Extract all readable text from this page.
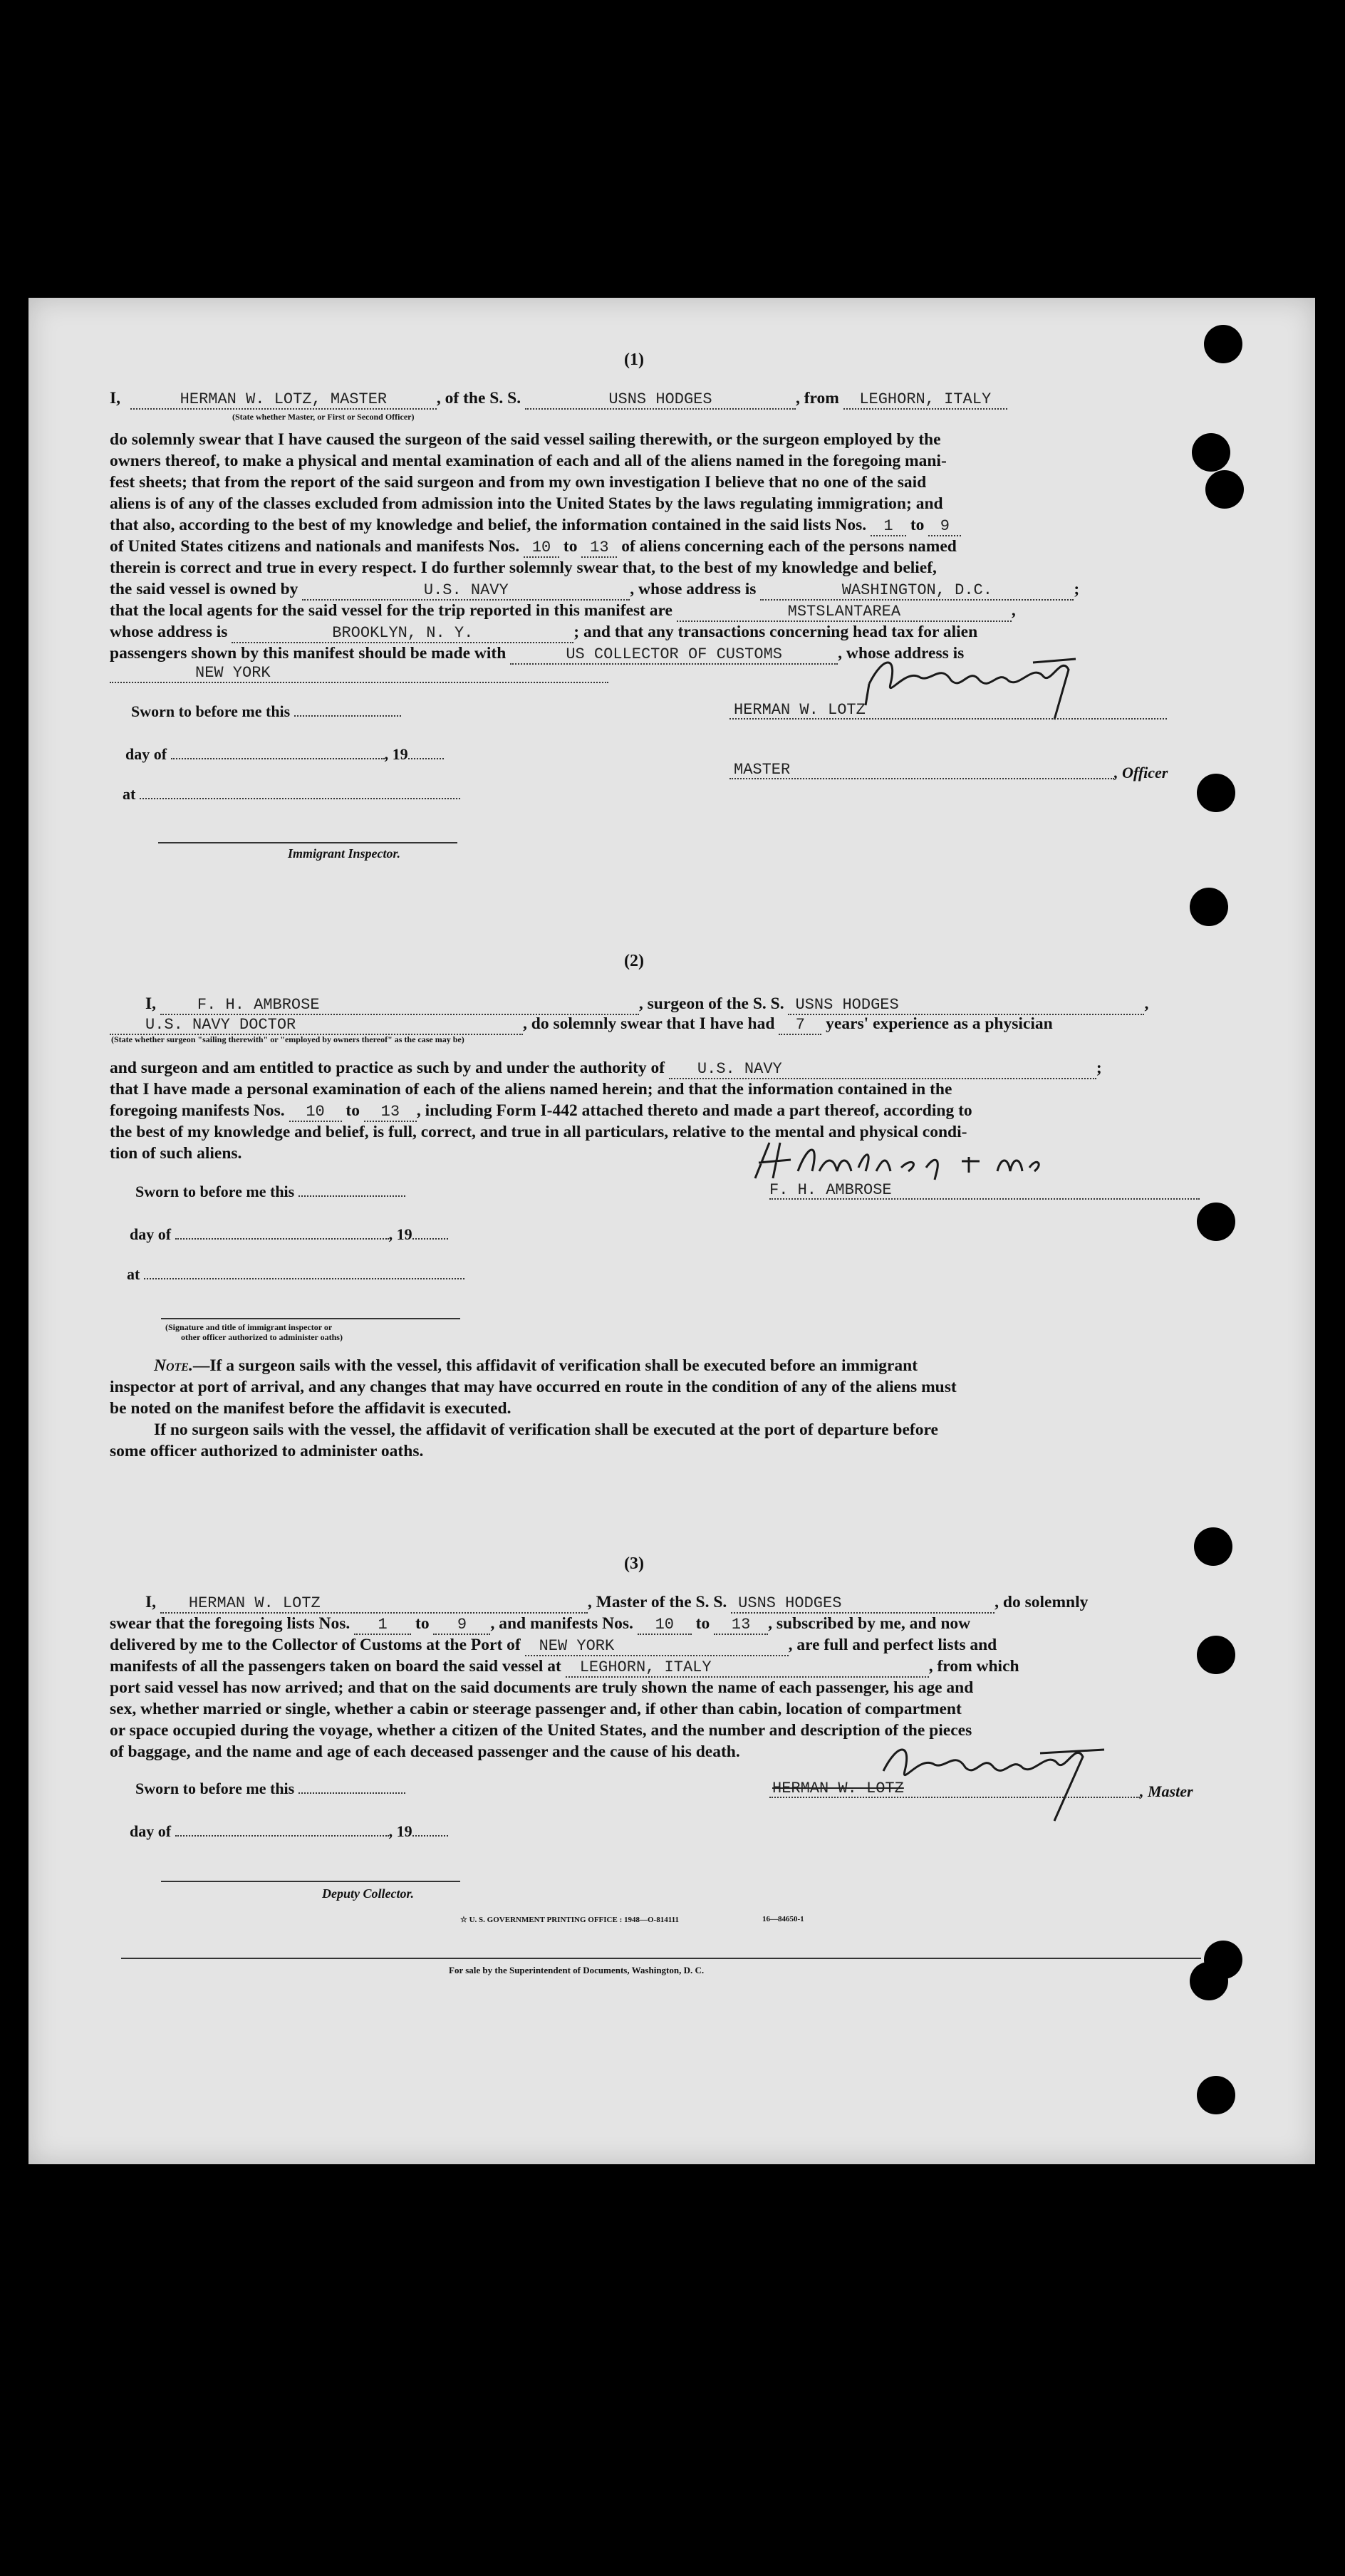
(1)
I,	HERMAN W. LOTZ, MASTER	, of the S. S.	USNS HODGES	, from LEGHORN, ITALY
(State whether Master, or First or Second Officer)
do solemnly swear that I have caused the surgeon of the said vessel sailing therewith, or the surgeon employed by the
owners thereof, to make a physical and mental examination of each and all of the aliens named in the foregoing mani-
fest sheets; that from the report of the said surgeon and from my own investigation I believe that no one of the said
aliens is of any of the classes excluded from admission into the United States by the laws regulating immigration; and
that also, according to the best of my knowledge and belief, the information contained in the said lists Nos. 1 to 9
of United States citizens and nationals and manifests Nos. 10 to 13 of aliens concerning each of the persons named
therein is correct and true in every respect. I do further solemnly swear that, to the best of my knowledge and belief,
the said vessel is owned by	U.S. NAVY	, whose address is	WASHINGTON, D.C.	;
that the local agents for the said vessel for the trip reported in this manifest are	MSTSLANTAREA	,
whose address is	BROOKLYN, N. Y.	; and that any transactions concerning head tax for alien
passengers shown by this manifest should be made with	US COLLECTOR OF CUSTOMS	, whose address is
NEW YORK
Sworn to before me this
day of	, 19
at
Immigrant Inspector.
HERMAN W. LOTZ
MASTER	, Officer
(2)
I,	F. H. AMBROSE	, surgeon of the S. S. USNS HODGES	,
U.S. NAVY DOCTOR	, do solemnly swear that I have had 7 years' experience as a physician
(State whether surgeon "sailing therewith" or "employed by owners thereof" as the case may be)
and surgeon and am entitled to practice as such by and under the authority of U.S. NAVY	;
that I have made a personal examination of each of the aliens named herein; and that the information contained in the
foregoing manifests Nos. 10 to 13 , including Form I-442 attached thereto and made a part thereof, according to
the best of my knowledge and belief, is full, correct, and true in all particulars, relative to the mental and physical condi-
tion of such aliens.
F. H. AMBROSE
Sworn to before me this
day of	, 19
at
(Signature and title of immigrant inspector or
other officer authorized to administer oaths)
Note.—If a surgeon sails with the vessel, this affidavit of verification shall be executed before an immigrant
inspector at port of arrival, and any changes that may have occurred en route in the condition of any of the aliens must
be noted on the manifest before the affidavit is executed.
If no surgeon sails with the vessel, the affidavit of verification shall be executed at the port of departure before
some officer authorized to administer oaths.
(3)
I, HERMAN W. LOTZ	, Master of the S. S. USNS HODGES	, do solemnly
swear that the foregoing lists Nos. 1 to 9 , and manifests Nos. 10 to 13 , subscribed by me, and now
delivered by me to the Collector of Customs at the Port of NEW YORK	, are full and perfect lists and
manifests of all the passengers taken on board the said vessel at LEGHORN, ITALY	, from which
port said vessel has now arrived; and that on the said documents are truly shown the name of each passenger, his age and
sex, whether married or single, whether a cabin or steerage passenger and, if other than cabin, location of compartment
or space occupied during the voyage, whether a citizen of the United States, and the number and description of the pieces
of baggage, and the name and age of each deceased passenger and the cause of his death.
Sworn to before me this
day of	, 19
HERMAN W. LOTZ	, Master
Deputy Collector.
☆ U. S. GOVERNMENT PRINTING OFFICE : 1948—O-814111	16—84650-1
For sale by the Superintendent of Documents, Washington, D. C.
